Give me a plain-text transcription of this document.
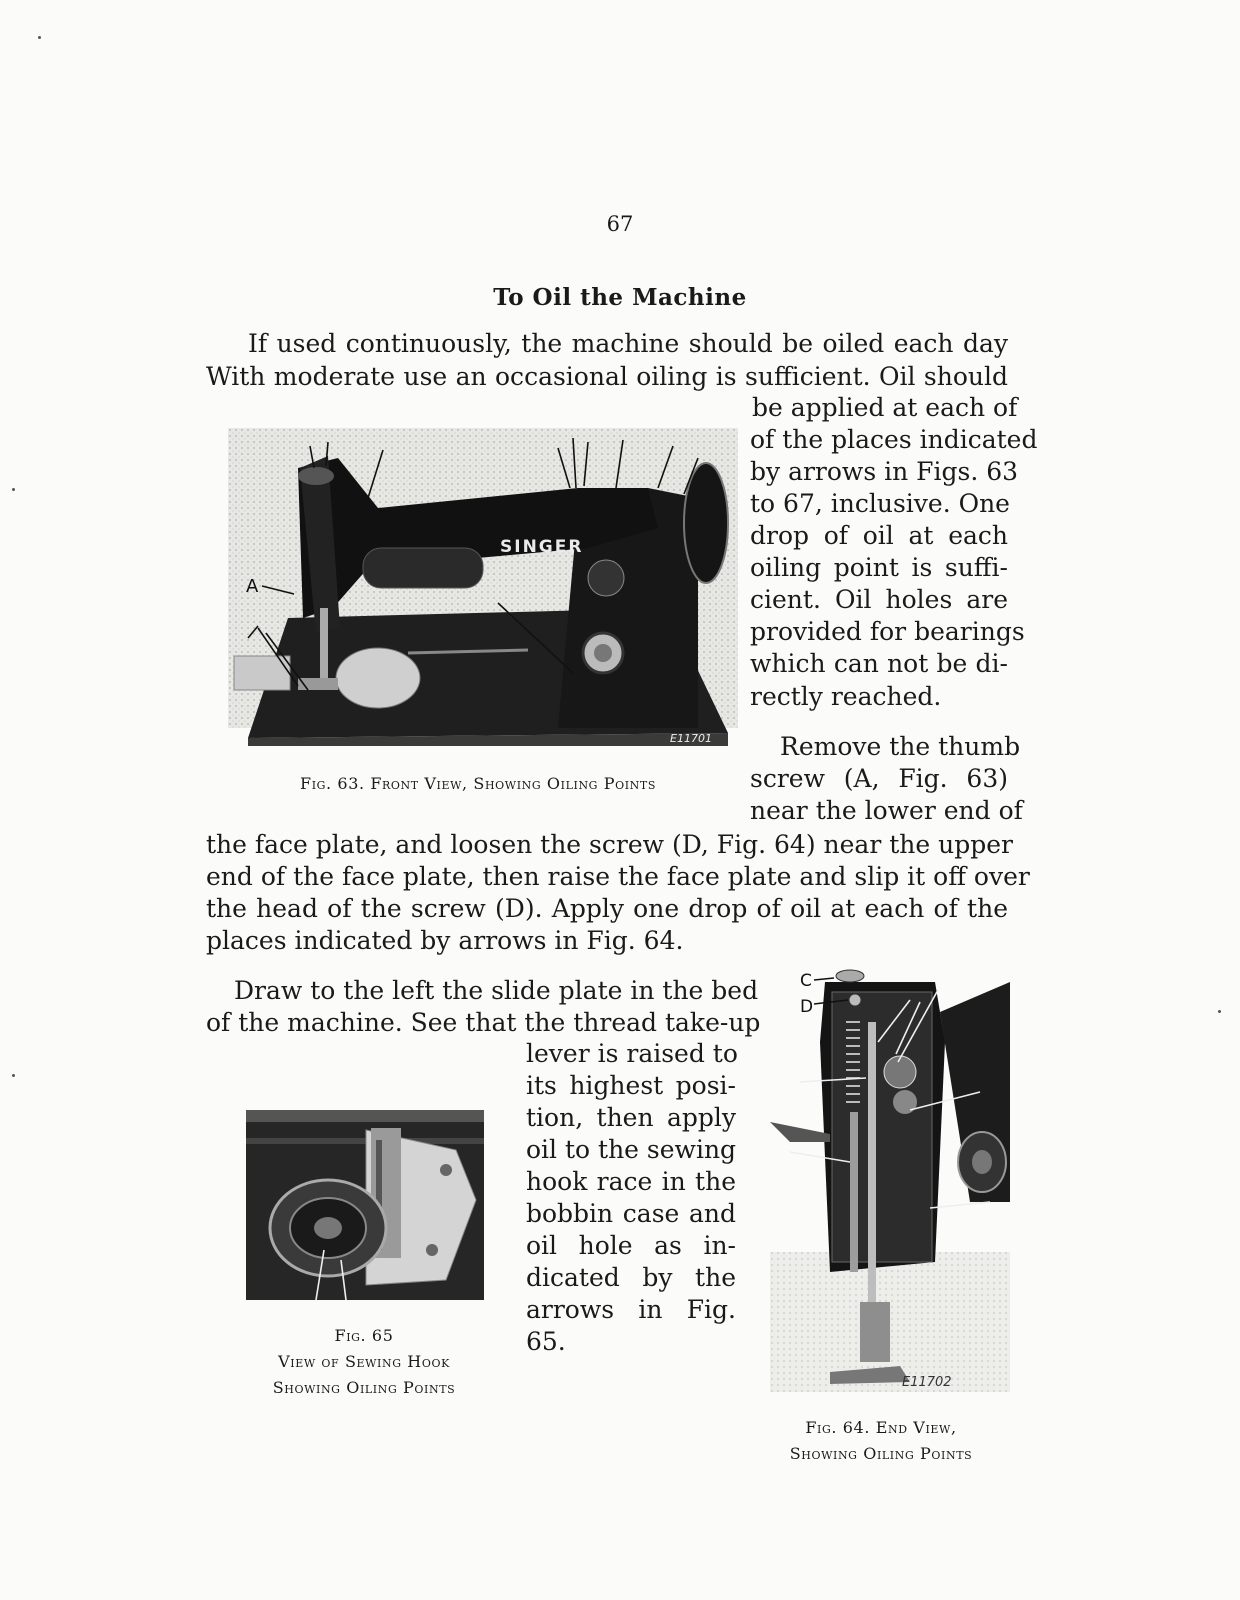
67
To Oil the Machine
If used continuously, the machine should be oiled each day
With moderate use an occasional oiling is sufficient. Oil should
be applied at each of
of the places indicated
by arrows in Figs. 63
to 67, inclusive. One
drop of oil at each
oiling point is suffi-
cient. Oil holes are
provided for bearings
which can not be di-
rectly reached.
SINGER
A
E11701
Fig. 63. Front View, Showing Oiling Points
Remove the thumb
screw (A, Fig. 63)
near the lower end of
the face plate, and loosen the screw (D, Fig. 64) near the upper
end of the face plate, then raise the face plate and slip it off over
the head of the screw (D). Apply one drop of oil at each of the
places indicated by arrows in Fig. 64.
Draw to the left the slide plate in the bed
of the machine. See that the thread take-up
lever is raised to
its highest posi-
tion, then apply
oil to the sewing
hook race in the
bobbin case and
oil hole as in-
dicated by the
arrows in Fig.
65.
Fig. 65
View of Sewing Hook
Showing Oiling Points
C
D
E11702
Fig. 64. End View,
Showing Oiling Points
